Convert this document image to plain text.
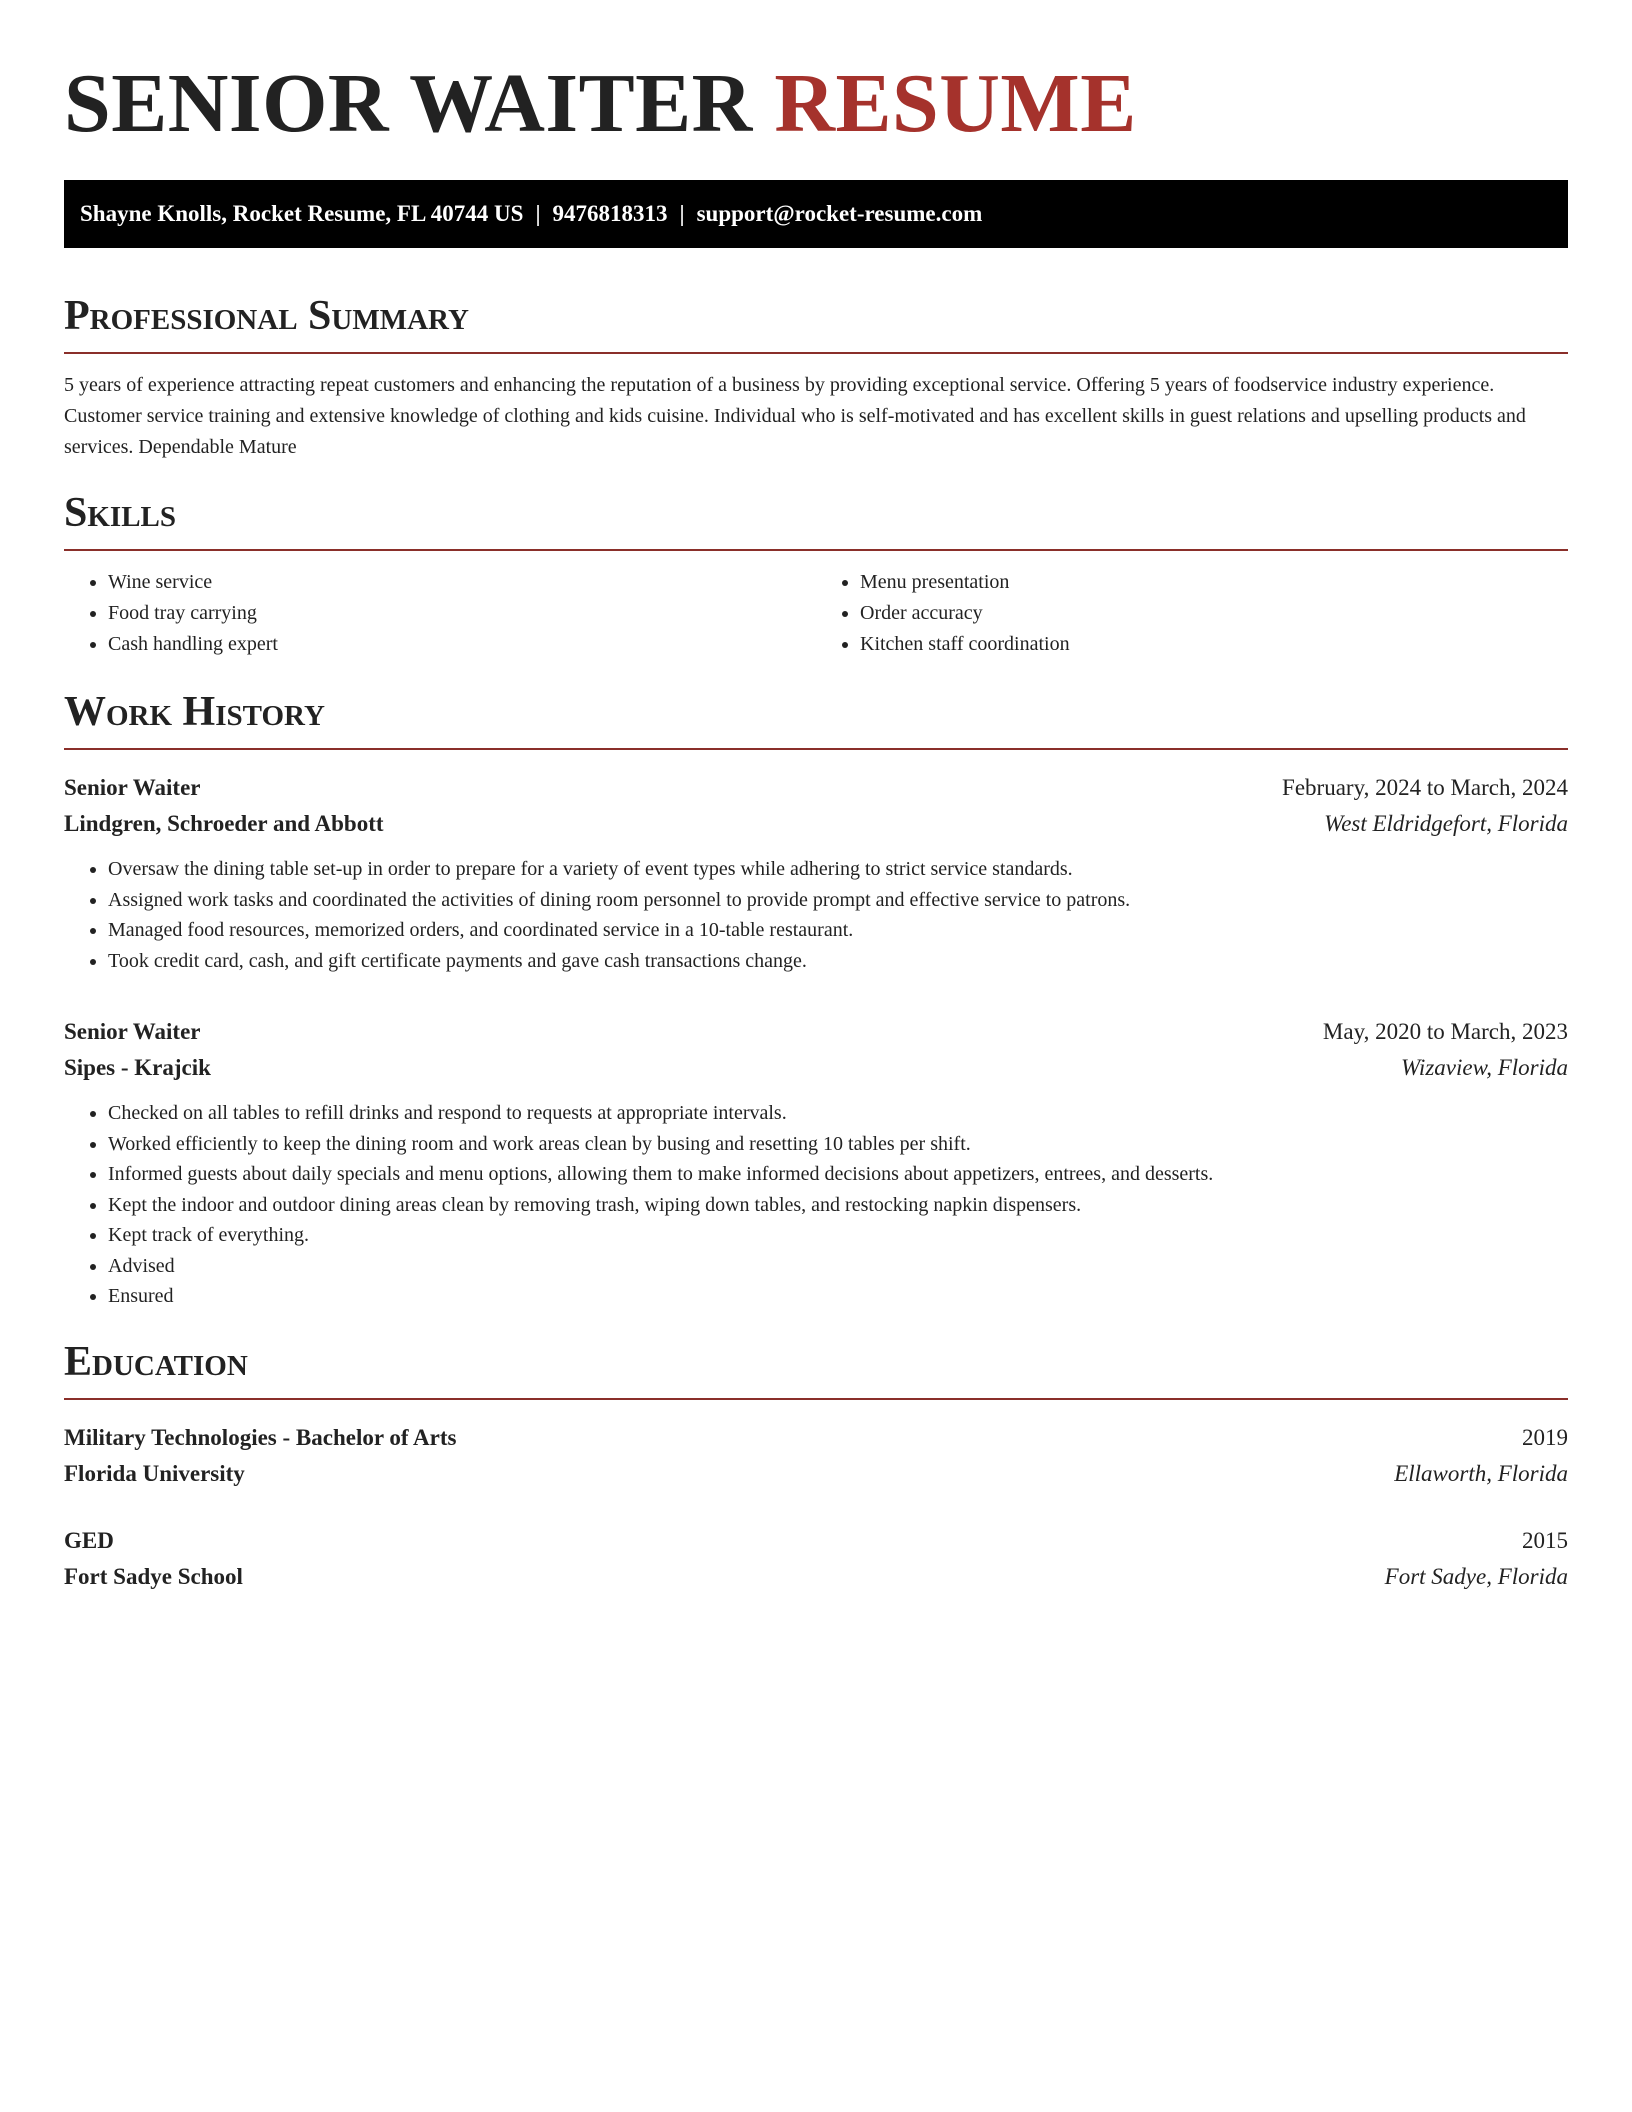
SENIOR WAITER RESUME
Shayne Knolls, Rocket Resume, FL 40744 US | 9476818313 | support@rocket-resume.com
Professional Summary

5 years of experience attracting repeat customers and enhancing the reputation of a business by providing exceptional service. Offering 5 years of foodservice industry experience. Customer service training and extensive knowledge of clothing and kids cuisine. Individual who is self-motivated and has excellent skills in guest relations and upselling products and services. Dependable Mature

Skills
• Wine service
• Food tray carrying
• Cash handling expert
• Menu presentation
• Order accuracy
• Kitchen staff coordination
Work History
Senior Waiter	February, 2024 to March, 2024
Lindgren, Schroeder and Abbott	West Eldridgefort, Florida
• Oversaw the dining table set-up in order to prepare for a variety of event types while adhering to strict service standards.
• Assigned work tasks and coordinated the activities of dining room personnel to provide prompt and effective service to patrons.
• Managed food resources, memorized orders, and coordinated service in a 10-table restaurant.
• Took credit card, cash, and gift certificate payments and gave cash transactions change.
Senior Waiter	May, 2020 to March, 2023
Sipes - Krajcik	Wizaview, Florida
• Checked on all tables to refill drinks and respond to requests at appropriate intervals.
• Worked efficiently to keep the dining room and work areas clean by busing and resetting 10 tables per shift.
• Informed guests about daily specials and menu options, allowing them to make informed decisions about appetizers, entrees, and desserts.
• Kept the indoor and outdoor dining areas clean by removing trash, wiping down tables, and restocking napkin dispensers.
• Kept track of everything.
• Advised
• Ensured
Education
Military Technologies - Bachelor of Arts	2019
Florida University	Ellaworth, Florida
GED	2015
Fort Sadye School	Fort Sadye, Florida
